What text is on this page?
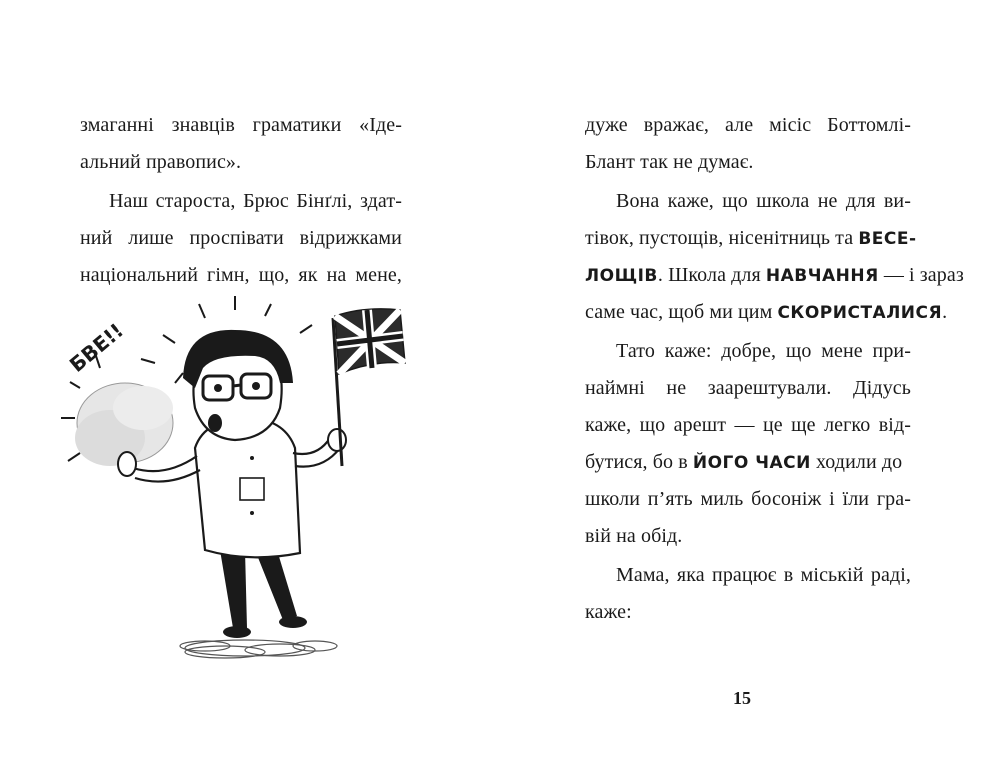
змаганні знавців граматики «Іде-
альний правопис».
Наш староста, Брюс Бінґлі, здат-
ний лише проспівати відрижками
національний гімн, що, як на мене,
БВЕ!!
дуже вражає, але місіс Боттомлі-
Блант так не думає.
Вона каже, що школа не для ви-
тівок, пустощів, нісенітниць та ВЕСЕ-
ЛОЩІВ. Школа для НАВЧАННЯ — і зараз
саме час, щоб ми цим СКОРИСТАЛИСЯ.
Тато каже: добре, що мене при-
наймні не заарештували. Дідусь
каже, що арешт — це ще легко від-
бутися, бо в ЙОГО ЧАСИ ходили до
школи п’ять миль босоніж і їли гра-
вій на обід.
Мама, яка працює в міській раді,
каже:
15
